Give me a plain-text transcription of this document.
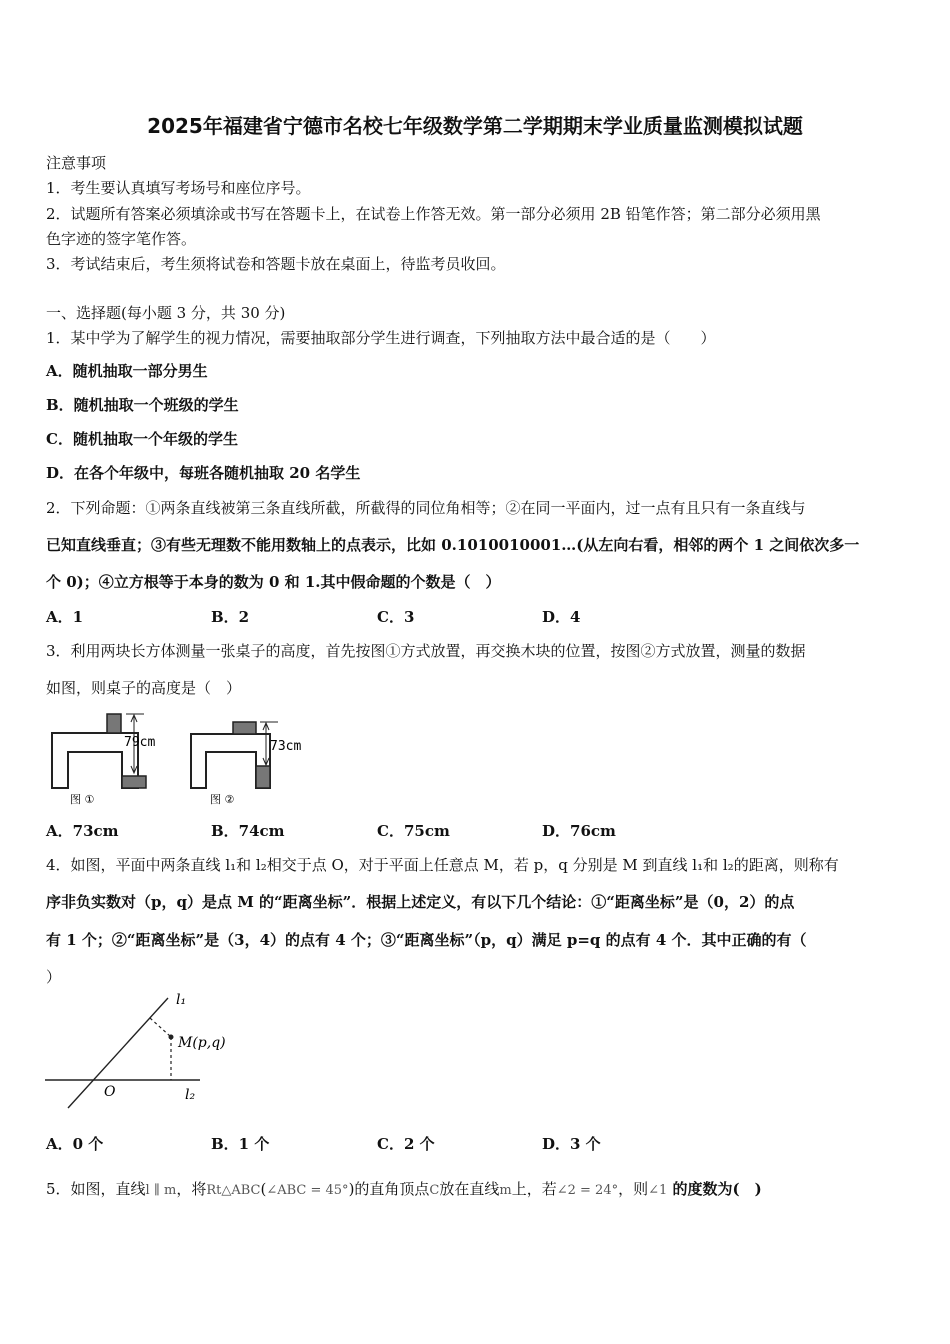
2025年福建省宁德市名校七年级数学第二学期期末学业质量监测模拟试题
注意事项
1．考生要认真填写考场号和座位序号。
2．试题所有答案必须填涂或书写在答题卡上，在试卷上作答无效。第一部分必须用 2B 铅笔作答；第二部分必须用黑
色字迹的签字笔作答。
3．考试结束后，考生须将试卷和答题卡放在桌面上，待监考员收回。
一、选择题(每小题 3 分，共 30 分)
1．某中学为了解学生的视力情况，需要抽取部分学生进行调查，下列抽取方法中最合适的是（　　）
A．随机抽取一部分男生
B．随机抽取一个班级的学生
C．随机抽取一个年级的学生
D．在各个年级中，每班各随机抽取 20 名学生
2．下列命题：①两条直线被第三条直线所截，所截得的同位角相等；②在同一平面内，过一点有且只有一条直线与
已知直线垂直；③有些无理数不能用数轴上的点表示，比如 0.1010010001…(从左向右看，相邻的两个 1 之间依次多一
个 0)；④立方根等于本身的数为 0 和 1.其中假命题的个数是（　）
A．1	B．2	C．3	D．4
3．利用两块长方体测量一张桌子的高度，首先按图①方式放置，再交换木块的位置，按图②方式放置，测量的数据
如图，则桌子的高度是（　）
79cm
图 ①
73cm
图 ②
A．73cm	B．74cm	C．75cm	D．76cm
4．如图，平面中两条直线 l₁和 l₂相交于点 O，对于平面上任意点 M，若 p，q 分别是 M 到直线 l₁和 l₂的距离，则称有
序非负实数对（p，q）是点 M 的“距离坐标”．根据上述定义，有以下几个结论：①“距离坐标”是（0，2）的点
有 1 个；②“距离坐标”是（3，4）的点有 4 个；③“距离坐标”（p，q）满足 p=q 的点有 4 个．其中正确的有（
）
l₁
M(p,q)
O	l₂
A．0 个	B．1 个	C．2 个	D．3 个
5．如图，直线l ∥ m，将Rt△ABC(∠ABC = 45°)的直角顶点C放在直线m上，若∠2 = 24°，则∠1 的度数为(　)
